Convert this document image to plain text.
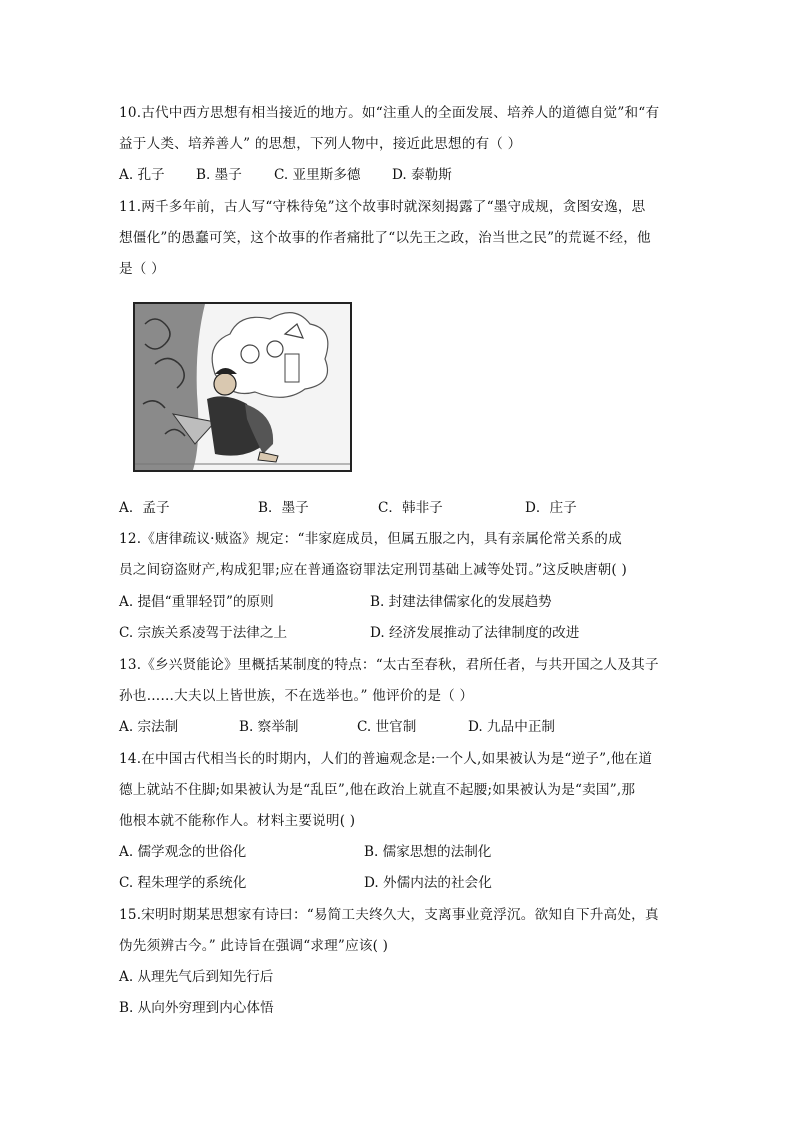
10.古代中西方思想有相当接近的地方。如“注重人的全面发展、培养人的道德自觉”和“有
益于人类、培养善人” 的思想，下列人物中，接近此思想的有（ ）
A. 孔子 B. 墨子 C. 亚里斯多德 D. 泰勒斯
11.两千多年前，古人写“守株待兔”这个故事时就深刻揭露了“墨守成规，贪图安逸，思
想僵化”的愚蠢可笑，这个故事的作者痛批了“以先王之政，治当世之民”的荒诞不经，他
是（ ）
A．孟子	B．墨子	C．韩非子	D．庄子
12.《唐律疏议·贼盗》规定：“非家庭成员，但属五服之内，具有亲属伦常关系的成
员之间窃盗财产,构成犯罪;应在普通盗窃罪法定刑罚基础上减等处罚。”这反映唐朝( )
A. 提倡“重罪轻罚”的原则	B. 封建法律儒家化的发展趋势
C. 宗族关系凌驾于法律之上	D. 经济发展推动了法律制度的改进
13.《乡兴贤能论》里概括某制度的特点：“太古至春秋，君所任者，与共开国之人及其子
孙也……大夫以上皆世族，不在选举也。” 他评价的是（ ）
A. 宗法制	B. 察举制	C. 世官制	D. 九品中正制
14.在中国古代相当长的时期内，人们的普遍观念是:一个人,如果被认为是“逆子”,他在道
德上就站不住脚;如果被认为是“乱臣”,他在政治上就直不起腰;如果被认为是“卖国”,那
他根本就不能称作人。材料主要说明( )
A. 儒学观念的世俗化	B. 儒家思想的法制化
C. 程朱理学的系统化	D. 外儒内法的社会化
15.宋明时期某思想家有诗曰：“易简工夫终久大，支离事业竟浮沉。欲知自下升高处，真
伪先须辨古今。” 此诗旨在强调“求理”应该( )
A. 从理先气后到知先行后
B. 从向外穷理到内心体悟
